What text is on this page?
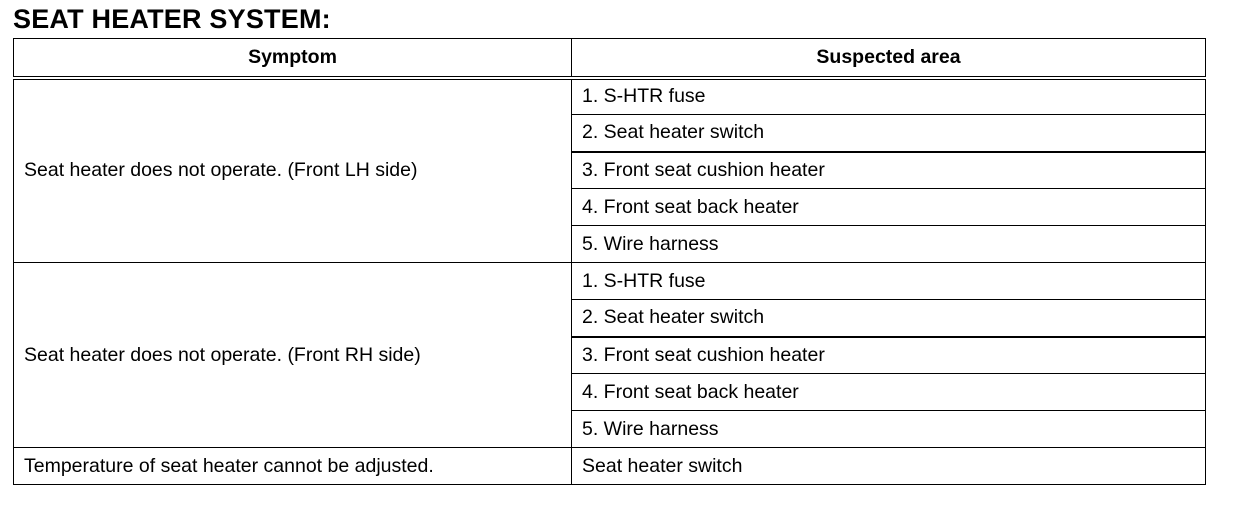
SEAT HEATER SYSTEM:
Symptom	Suspected area
Seat heater does not operate. (Front LH side)	1. S-HTR fuse
	2. Seat heater switch
	3. Front seat cushion heater
	4. Front seat back heater
	5. Wire harness
Seat heater does not operate. (Front RH side)	1. S-HTR fuse
	2. Seat heater switch
	3. Front seat cushion heater
	4. Front seat back heater
	5. Wire harness
Temperature of seat heater cannot be adjusted.	Seat heater switch
